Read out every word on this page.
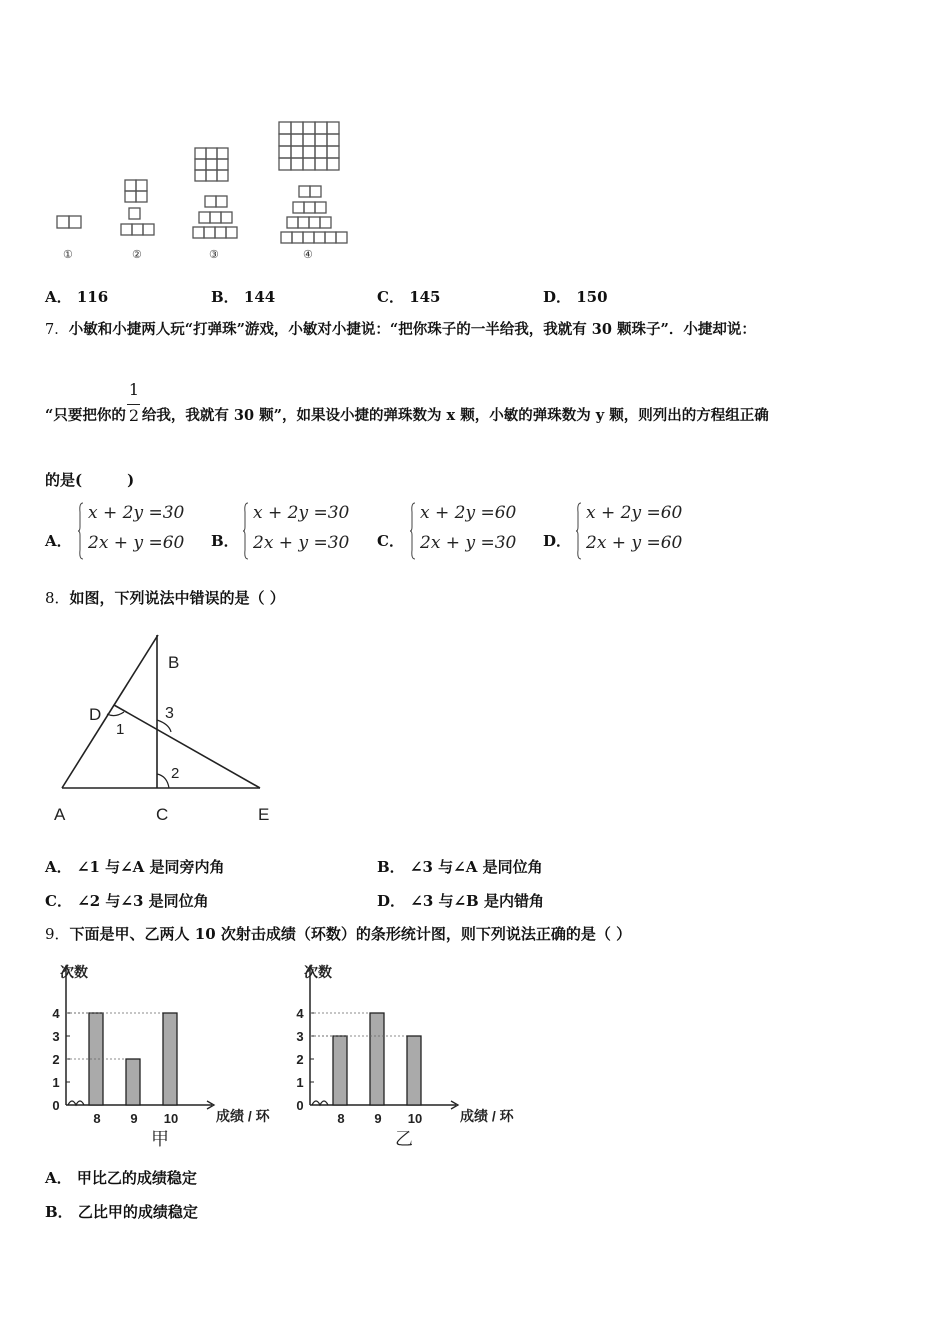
①	②	③	④
A． 116	B． 144	C． 145	D． 150
7．小敏和小捷两人玩“打弹珠”游戏，小敏对小捷说：“把你珠子的一半给我，我就有 30 颗珠子”．小捷却说：
“只要把你的 $\frac{1}{2}$ 给我，我就有 30 颗”，如果设小捷的弹珠数为 x 颗，小敏的弹珠数为 y 颗，则列出的方程组正确
的是(　　　)
A．
x + 2y =30
2x + y =60 B．
x + 2y =30
2x + y =30 C．
x + 2y =60
2x + y =30 D．
x + 2y =60
2x + y =60
8．如图，下列说法中错误的是（ ）
B
D	3
1
2
A	C	E
A． ∠1 与∠A 是同旁内角	B． ∠3 与∠A 是同位角
C． ∠2 与∠3 是同位角	D． ∠3 与∠B 是内错角
9．下面是甲、乙两人 10 次射击成绩（环数）的条形统计图，则下列说法正确的是（ ）
0
1
2
3
4
次数
8 9 10	成绩 / 环
甲
0
1
2
3
4
次数
8 9 10	成绩 / 环
乙
A． 甲比乙的成绩稳定
B． 乙比甲的成绩稳定
